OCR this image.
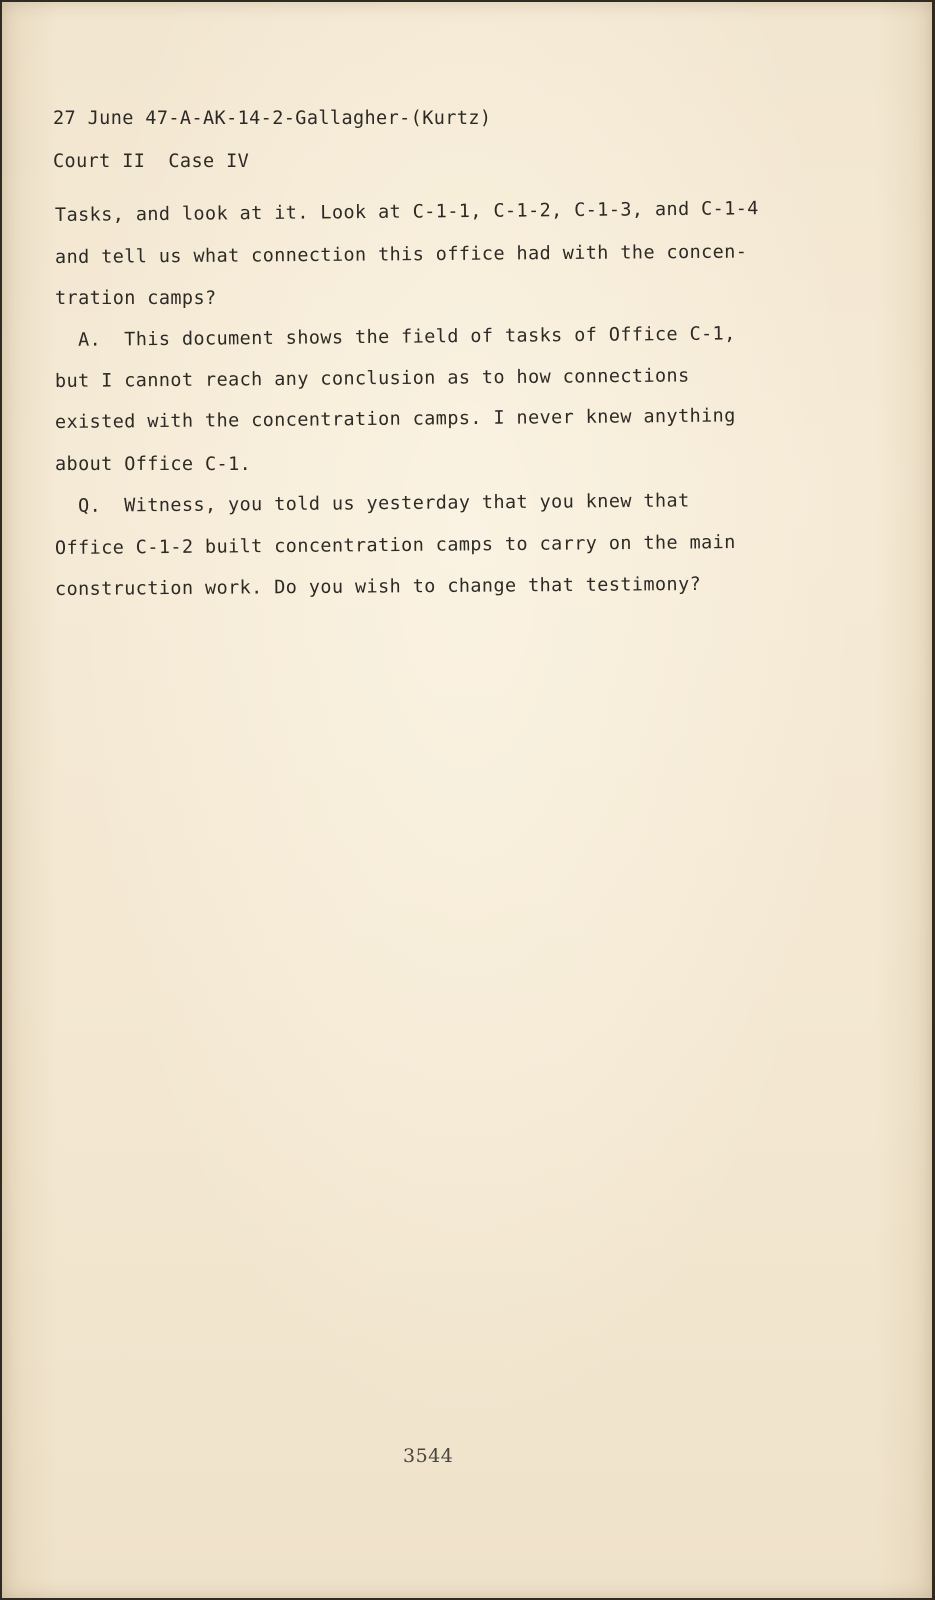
27 June 47-A-AK-14-2-Gallagher-(Kurtz)
Court II  Case IV
Tasks, and look at it. Look at C-1-1, C-1-2, C-1-3, and C-1-4
and tell us what connection this office had with the concen-
tration camps?
A.  This document shows the field of tasks of Office C-1,
but I cannot reach any conclusion as to how connections
existed with the concentration camps. I never knew anything
about Office C-1.
Q.  Witness, you told us yesterday that you knew that
Office C-1-2 built concentration camps to carry on the main
construction work. Do you wish to change that testimony?
3544
